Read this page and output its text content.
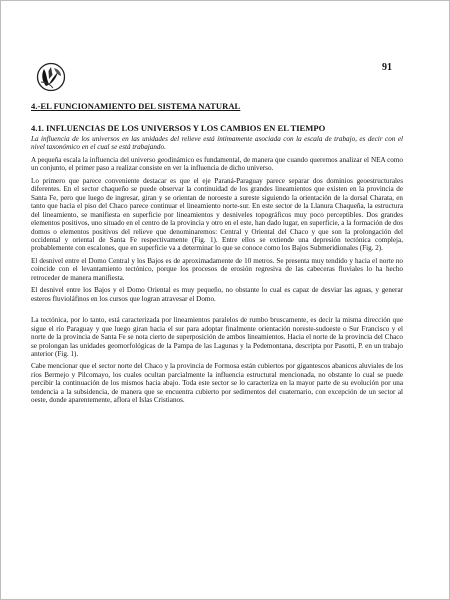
91
4.-EL FUNCIONAMIENTO DEL SISTEMA NATURAL
4.1. INFLUENCIAS DE LOS UNIVERSOS Y LOS CAMBIOS EN EL TIEMPO

La influencia de los universos en las unidades del relieve está íntimamente asociada con la escala de trabajo, es decir con el nivel taxonómico en el cual se está trabajando.

A pequeña escala la influencia del universo geodinámico es fundamental, de manera que cuando queremos analizar el NEA como un conjunto, el primer paso a realizar consiste en ver la influencia de dicho universo.

Lo primero que parece conveniente destacar es que el eje Paraná-Paraguay parece separar dos dominios geoestructurales diferentes. En el sector chaqueño se puede observar la continuidad de los grandes lineamientos que existen en la provincia de Santa Fe, pero que luego de ingresar, giran y se orientan de noroeste a sureste siguiendo la orientación de la dorsal Charata, en tanto que hacia el piso del Chaco parece continuar el lineamiento norte-sur. En este sector de la Llanura Chaqueña, la estructura del lineamiento, se manifiesta en superficie por lineamientos y desniveles topográficos muy poco perceptibles. Dos grandes elementos positivos, uno situado en el centro de la provincia y otro en el este, han dado lugar, en superficie, a la formación de dos domos o elementos positivos del relieve que denominaremos: Central y Oriental del Chaco y que son la prolongación del occidental y oriental de Santa Fe respectivamente (Fig. 1). Entre ellos se extiende una depresión tectónica compleja, probablemente con escalones, que en superficie va a determinar lo que se conoce como los Bajos Submeridionales (Fig. 2).

El desnivel entre el Domo Central y los Bajos es de aproximadamente de 10 metros. Se presenta muy tendido y hacia el norte no coincide con el levantamiento tectónico, porque los procesos de erosión regresiva de las cabeceras fluviales lo ha hecho retroceder de manera manifiesta.

El desnivel entre los Bajos y el Domo Oriental es muy pequeño, no obstante lo cual es capaz de desviar las aguas, y generar esteros fluvioláfinos en los cursos que logran atravesar el Domo.

La tectónica, por lo tanto, está caracterizada por lineamientos paralelos de rumbo bruscamente, es decir la misma dirección que sigue el río Paraguay y que luego giran hacia el sur para adoptar finalmente orientación noreste-sudoeste o Sur Francisco y el norte de la provincia de Santa Fe se nota cierto de superposición de ambos lineamientos. Hacia el norte de la provincia del Chaco se prolongan las unidades geomorfológicas de la Pampa de las Lagunas y la Pedemontana, descripta por Pasotti, P. en un trabajo anterior (Fig. 1).

Cabe mencionar que el sector norte del Chaco y la provincia de Formosa están cubiertos por gigantescos abanicos aluviales de los ríos Bermejo y Pilcomayo, los cuales ocultan parcialmente la influencia estructural mencionada, no obstante lo cual se puede percibir la continuación de los mismos hacia abajo. Toda este sector se lo caracteriza en la mayor parte de su evolución por una tendencia a la subsidencia, de manera que se encuentra cubierto por sedimentos del cuaternario, con excepción de un sector al oeste, donde aparentemente, aflora el Islas Cristianos.
